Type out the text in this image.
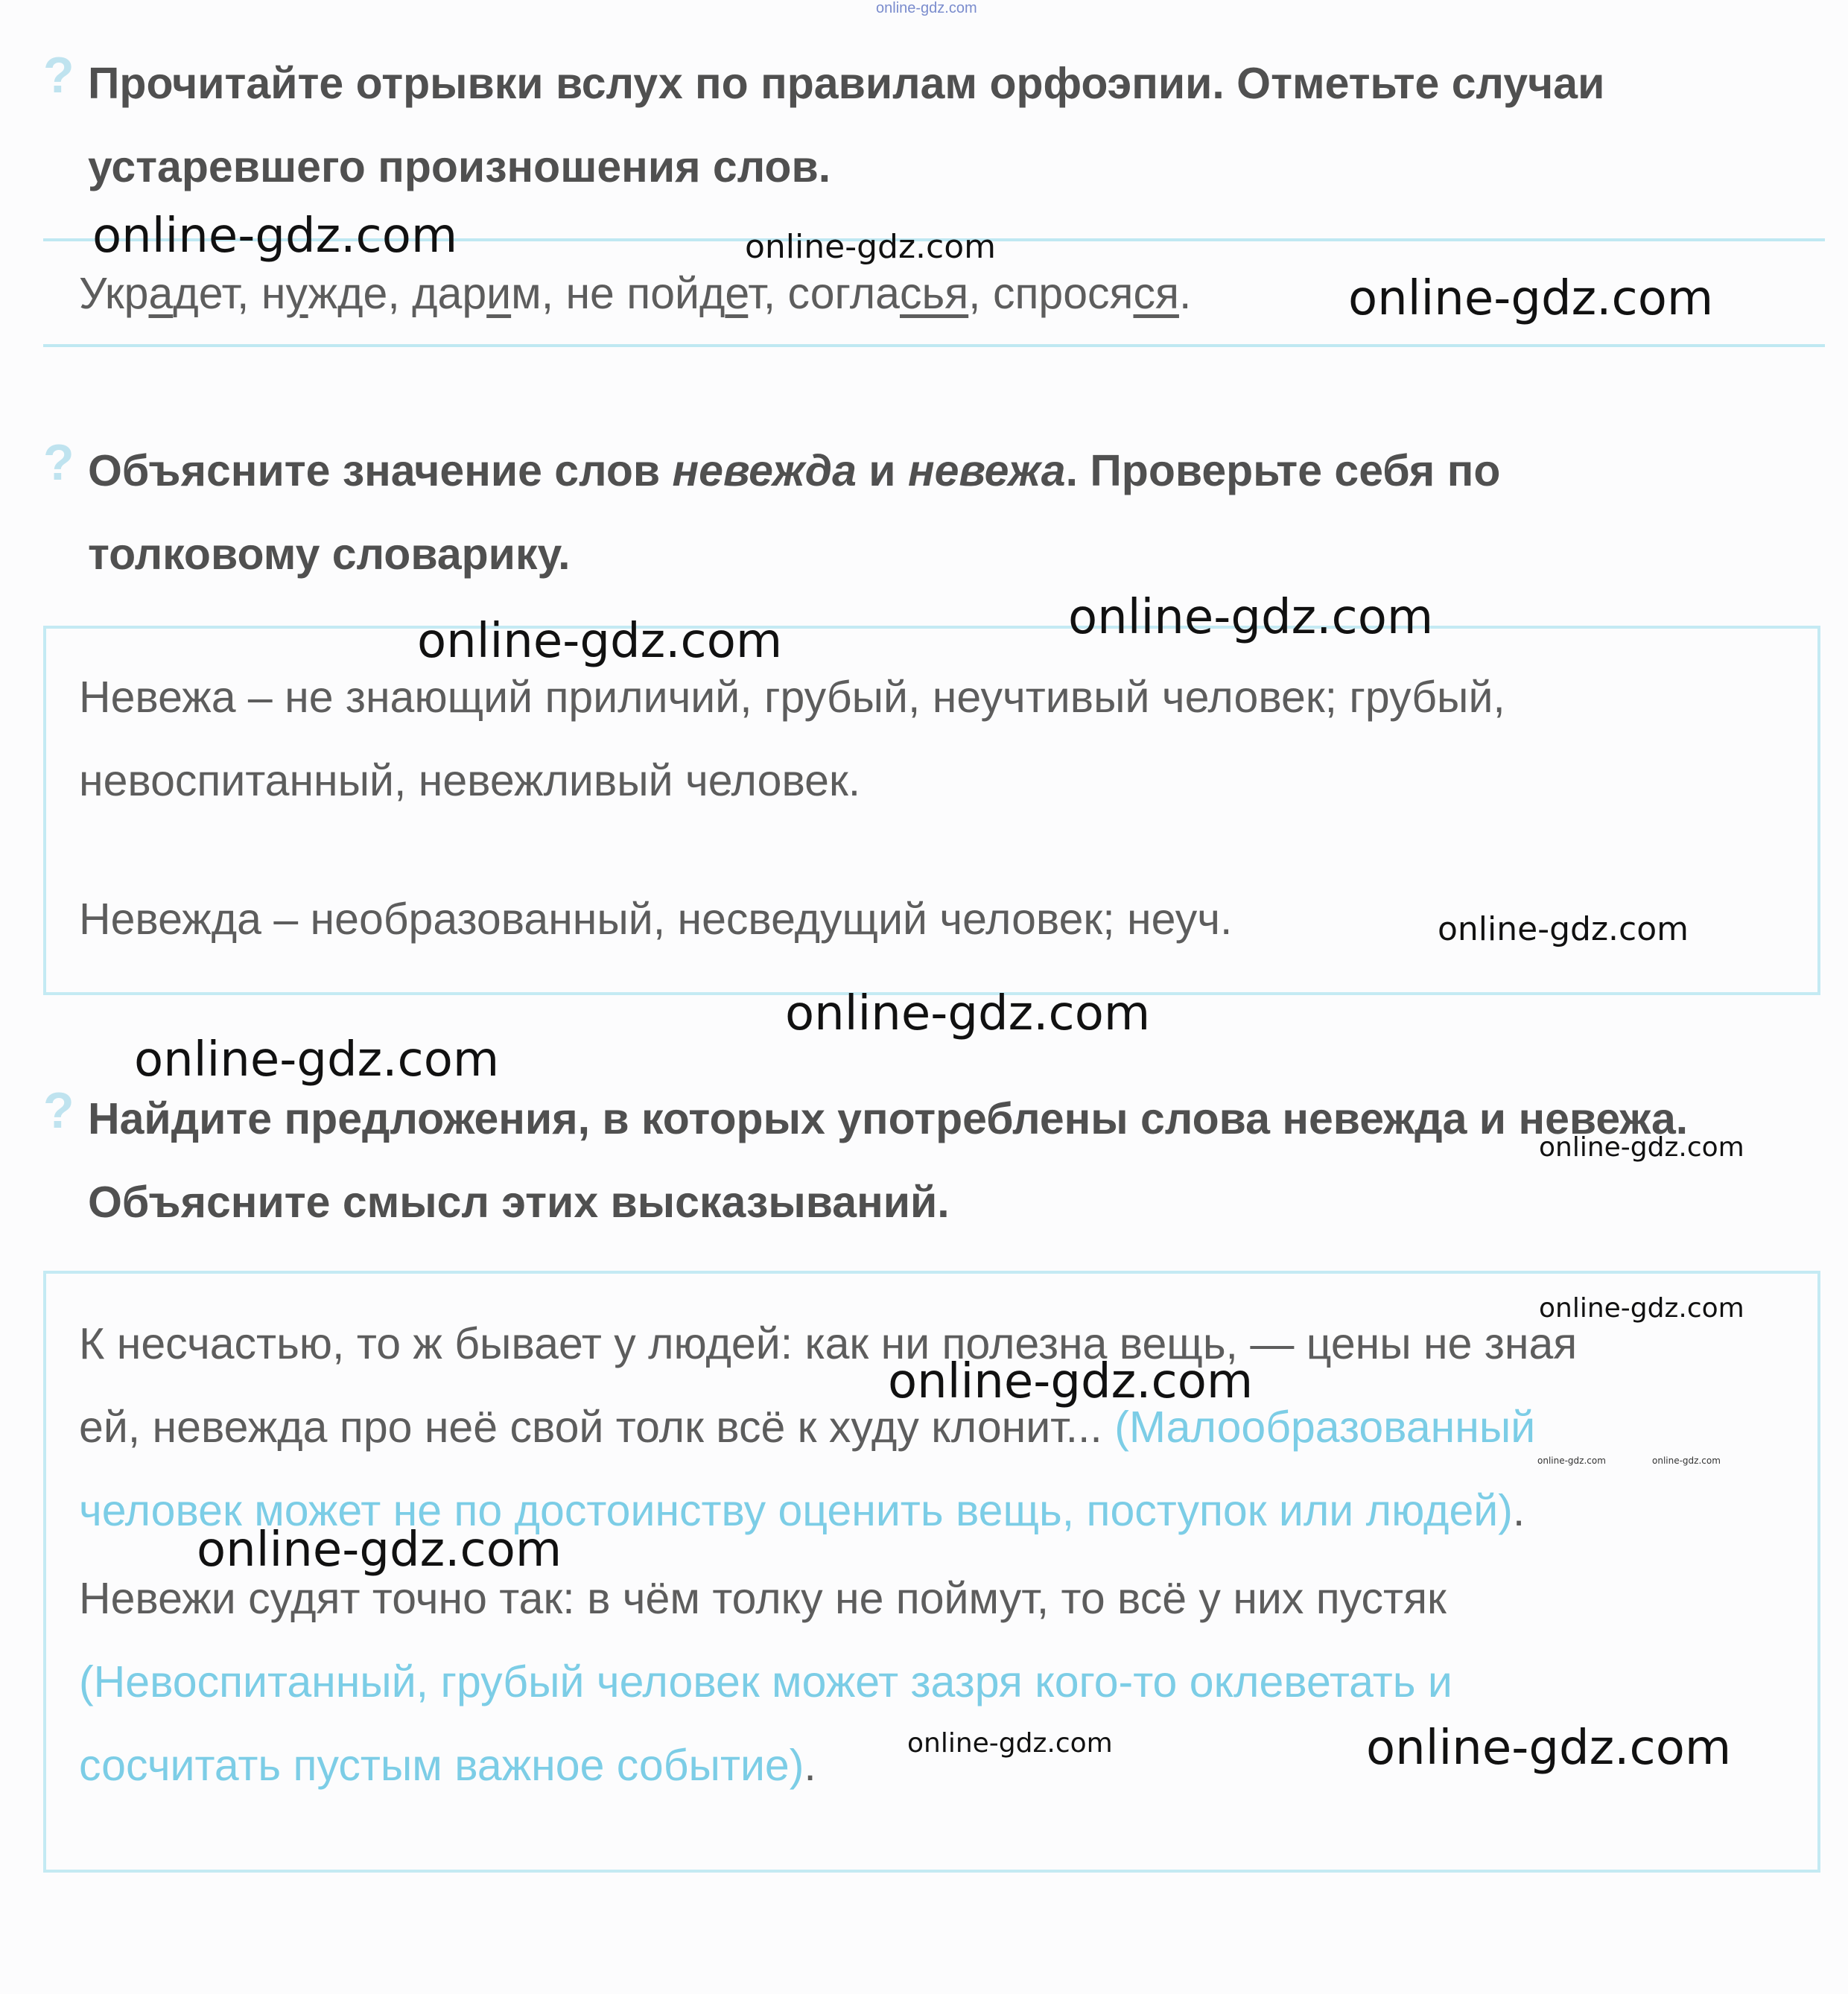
online-gdz.com
? Прочитайте отрывки вслух по правилам орфоэпии. Отметьте случаи
устаревшего произношения слов.
Украдет, нужде, дарим, не пойдет, согласья, спросяся.
? Объясните значение слов невежда и невежа. Проверьте себя по
толковому словарику.
Невежа – не знающий приличий, грубый, неучтивый человек; грубый,
невоспитанный, невежливый человек.
Невежда – необразованный, несведущий человек; неуч.
? Найдите предложения, в которых употреблены слова невежда и невежа.
Объясните смысл этих высказываний.
К несчастью, то ж бывает у людей: как ни полезна вещь, — цены не зная
ей, невежда про неё свой толк всё к худу клонит... (Малообразованный
человек может не по достоинству оценить вещь, поступок или людей).
Невежи судят точно так: в чём толку не поймут, то всё у них пустяк
(Невоспитанный, грубый человек может зазря кого-то оклеветать и
сосчитать пустым важное событие).
online-gdz.com	online-gdz.com
online-gdz.com
online-gdz.com	online-gdz.com
online-gdz.com
online-gdz.com
online-gdz.com
online-gdz.com
online-gdz.com
online-gdz.com
online-gdz.com	online-gdz.com
online-gdz.com
online-gdz.com	online-gdz.com
